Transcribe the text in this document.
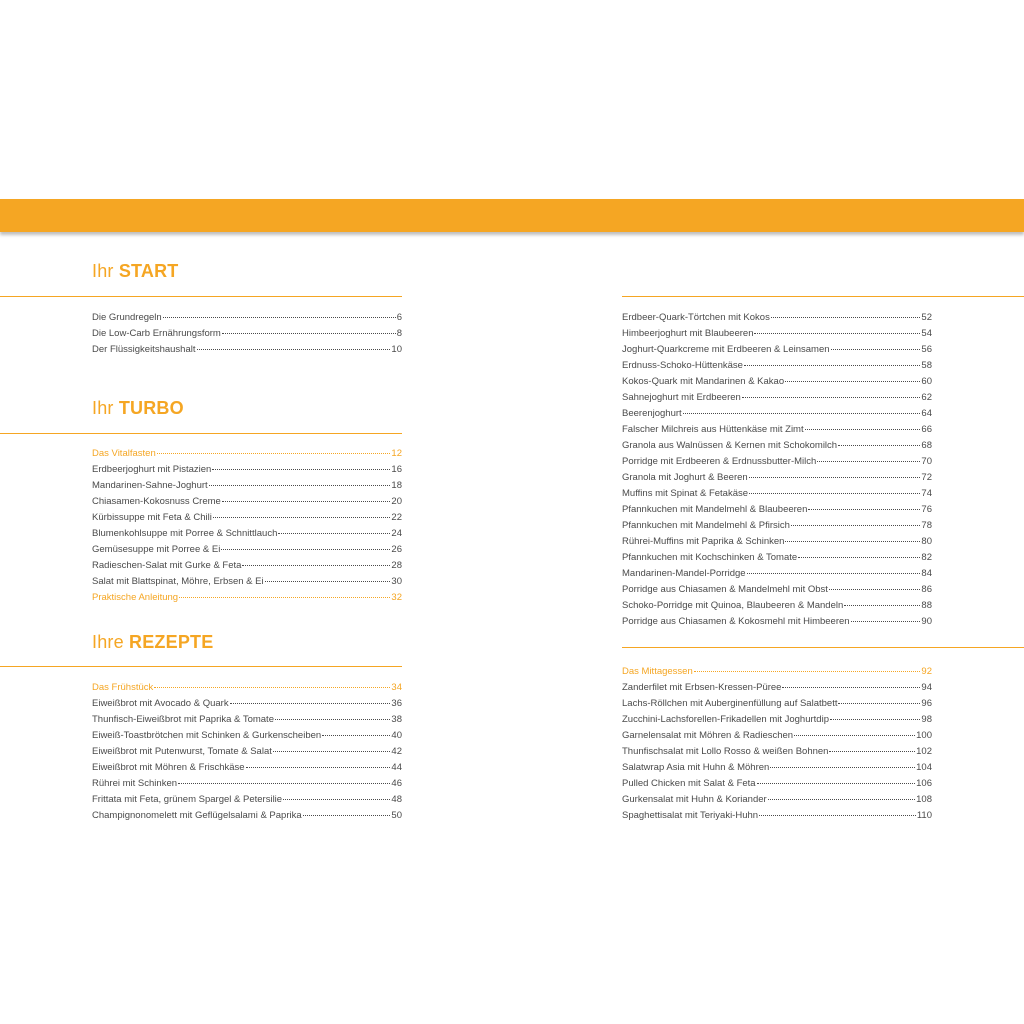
Ihr START
Ihr TURBO
Ihre REZEPTE
Die Grundregeln	6
Die Low-Carb Ernährungsform	8
Der Flüssigkeitshaushalt	10
Das Vitalfasten	12
Erdbeerjoghurt mit Pistazien	16
Mandarinen-Sahne-Joghurt	18
Chiasamen-Kokosnuss Creme	20
Kürbissuppe mit Feta & Chili	22
Blumenkohlsuppe mit Porree & Schnittlauch	24
Gemüsesuppe mit Porree & Ei	26
Radieschen-Salat mit Gurke & Feta	28
Salat mit Blattspinat, Möhre, Erbsen & Ei	30
Praktische Anleitung	32
Das Frühstück	34
Eiweißbrot mit Avocado & Quark	36
Thunfisch-Eiweißbrot mit Paprika & Tomate	38
Eiweiß-Toastbrötchen mit Schinken & Gurkenscheiben	40
Eiweißbrot mit Putenwurst, Tomate & Salat	42
Eiweißbrot mit Möhren & Frischkäse	44
Rührei mit Schinken	46
Frittata mit Feta, grünem Spargel & Petersilie	48
Champignonomelett mit Geflügelsalami & Paprika	50
Erdbeer-Quark-Törtchen mit Kokos	52
Himbeerjoghurt mit Blaubeeren	54
Joghurt-Quarkcreme mit Erdbeeren & Leinsamen	56
Erdnuss-Schoko-Hüttenkäse	58
Kokos-Quark mit Mandarinen & Kakao	60
Sahnejoghurt mit Erdbeeren	62
Beerenjoghurt	64
Falscher Milchreis aus Hüttenkäse mit Zimt	66
Granola aus Walnüssen & Kernen mit Schokomilch	68
Porridge mit Erdbeeren & Erdnussbutter-Milch	70
Granola mit Joghurt & Beeren	72
Muffins mit Spinat & Fetakäse	74
Pfannkuchen mit Mandelmehl & Blaubeeren	76
Pfannkuchen mit Mandelmehl & Pfirsich	78
Rührei-Muffins mit Paprika & Schinken	80
Pfannkuchen mit Kochschinken & Tomate	82
Mandarinen-Mandel-Porridge	84
Porridge aus Chiasamen & Mandelmehl mit Obst	86
Schoko-Porridge mit Quinoa, Blaubeeren & Mandeln	88
Porridge aus Chiasamen & Kokosmehl mit Himbeeren	90
Das Mittagessen	92
Zanderfilet mit Erbsen-Kressen-Püree	94
Lachs-Röllchen mit Auberginenfüllung auf Salatbett	96
Zucchini-Lachsforellen-Frikadellen mit Joghurtdip	98
Garnelensalat mit Möhren & Radieschen	100
Thunfischsalat mit Lollo Rosso & weißen Bohnen	102
Salatwrap Asia mit Huhn & Möhren	104
Pulled Chicken mit Salat & Feta	106
Gurkensalat mit Huhn & Koriander	108
Spaghettisalat mit Teriyaki-Huhn	110
